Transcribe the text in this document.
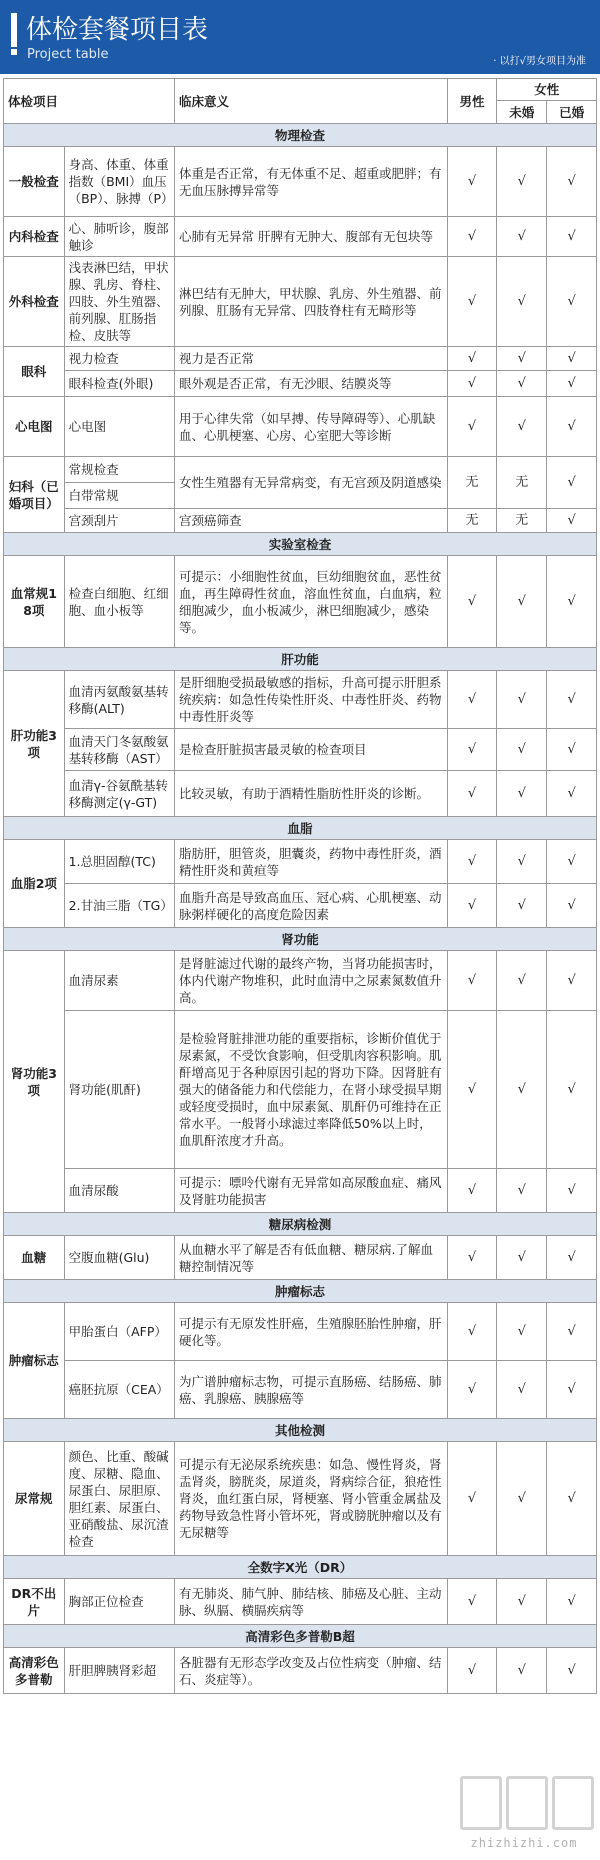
体检套餐项目表
Project table	· 以打√男女项目为准
体检项目		临床意义	男性	女性	
				未婚	已婚
物理检查					
一般检查	身高、体重、体重指数（BMI）血压（BP）、脉搏（P）	体重是否正常，有无体重不足、超重或肥胖；有无血压脉搏异常等	√	√	√
内科检查	心、肺听诊，腹部触诊	心肺有无异常 肝脾有无肿大、腹部有无包块等	√	√	√
外科检查	浅表淋巴结，甲状腺、乳房、脊柱、四肢、外生殖器、前列腺、肛肠指检、皮肤等	淋巴结有无肿大，甲状腺、乳房、外生殖器、前列腺、肛肠有无异常、四肢脊柱有无畸形等	√	√	√
眼科	视力检查	视力是否正常	√	√	√
	眼科检查(外眼)	眼外观是否正常，有无沙眼、结膜炎等	√	√	√
心电图	心电图	用于心律失常（如早搏、传导障碍等）、心肌缺血、心肌梗塞、心房、心室肥大等诊断	√	√	√
妇科（已婚项目）	常规检查	女性生殖器有无异常病变，有无宫颈及阴道感染	无	无	√
	白带常规				
	宫颈刮片	宫颈癌筛查	无	无	√
实验室检查					
血常规18项	检查白细胞、红细胞、血小板等	可提示：小细胞性贫血，巨幼细胞贫血，恶性贫血，再生障碍性贫血，溶血性贫血，白血病，粒细胞减少，血小板减少，淋巴细胞减少，感染等。	√	√	√
肝功能					
肝功能3项	血清丙氨酸氨基转移酶(ALT)	是肝细胞受损最敏感的指标，升高可提示肝胆系统疾病：如急性传染性肝炎、中毒性肝炎、药物中毒性肝炎等	√	√	√
	血清天门冬氨酸氨基转移酶（AST）	是检查肝脏损害最灵敏的检查项目	√	√	√
	血清γ-谷氨酰基转移酶测定(γ-GT)	比较灵敏，有助于酒精性脂肪性肝炎的诊断。	√	√	√
血脂					
血脂2项	1.总胆固醇(TC)	脂肪肝，胆管炎，胆囊炎，药物中毒性肝炎，酒精性肝炎和黄疸等	√	√	√
	2.甘油三脂（TG）	血脂升高是导致高血压、冠心病、心肌梗塞、动脉粥样硬化的高度危险因素	√	√	√
肾功能					
肾功能3项	血清尿素	是肾脏滤过代谢的最终产物，当肾功能损害时，体内代谢产物堆积，此时血清中之尿素氮数值升高。	√	√	√
	肾功能(肌酐)	是检验肾脏排泄功能的重要指标，诊断价值优于尿素氮，不受饮食影响，但受肌肉容积影响。肌酐增高见于各种原因引起的肾功下降。因肾脏有强大的储备能力和代偿能力，在肾小球受损早期或轻度受损时，血中尿素氮、肌酐仍可维持在正常水平。一般肾小球滤过率降低50%以上时，血肌酐浓度才升高。	√	√	√
	血清尿酸	可提示：嘌呤代谢有无异常如高尿酸血症、痛风及肾脏功能损害	√	√	√
糖尿病检测					
血糖	空腹血糖(Glu)	从血糖水平了解是否有低血糖、糖尿病.了解血糖控制情况等	√	√	√
肿瘤标志					
肿瘤标志	甲胎蛋白（AFP）	可提示有无原发性肝癌，生殖腺胚胎性肿瘤，肝硬化等。	√	√	√
	癌胚抗原（CEA）	为广谱肿瘤标志物，可提示直肠癌、结肠癌、肺癌、乳腺癌、胰腺癌等	√	√	√
其他检测					
尿常规	颜色、比重、酸碱度、尿糖、隐血、尿蛋白、尿胆原、胆红素、尿蛋白、亚硝酸盐、尿沉渣检查	可提示有无泌尿系统疾患：如急、慢性肾炎，肾盂肾炎，膀胱炎，尿道炎，肾病综合征，狼疮性肾炎，血红蛋白尿，肾梗塞、肾小管重金属盐及药物导致急性肾小管坏死，肾或膀胱肿瘤以及有无尿糖等	√	√	√
全数字X光（DR）					
DR不出片	胸部正位检查	有无肺炎、肺气肿、肺结核、肺癌及心脏、主动脉、纵膈、横膈疾病等	√	√	√
高清彩色多普勒B超					
高清彩色多普勒	肝胆脾胰肾彩超	各脏器有无形态学改变及占位性病变（肿瘤、结石、炎症等）。	√	√	√
zhizhizhi.com
